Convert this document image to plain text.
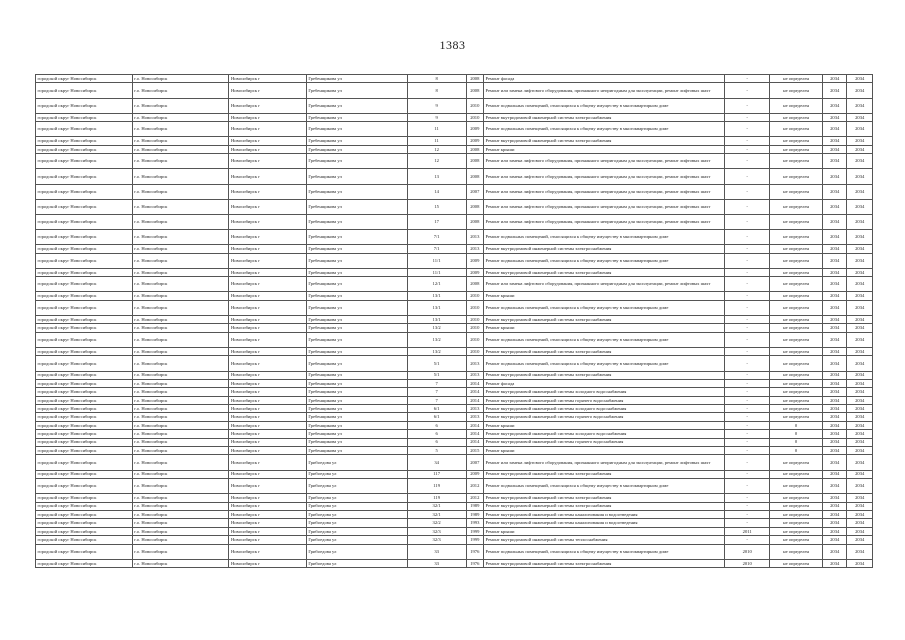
1383
городской округ Новосибирск	г.о. Новосибирск	Новосибирск г	Гребенщикова ул	8	2008	Ремонт фасада	-	не определен	2034	2034
городской округ Новосибирск	г.о. Новосибирск	Новосибирск г	Гребенщикова ул	8	2008	Ремонт или замена лифтового оборудования, признанного непригодным для эксплуатации, ремонт лифтовых шахт	-	не определен	2034	2034
городской округ Новосибирск	г.о. Новосибирск	Новосибирск г	Гребенщикова ул	9	2010	Ремонт подвальных помещений, относящихся к общему имуществу в многоквартирном доме	-	не определен	2034	2034
городской округ Новосибирск	г.о. Новосибирск	Новосибирск г	Гребенщикова ул	9	2010	Ремонт внутридомовой инженерной системы электроснабжения	-	не определен	2034	2034
городской округ Новосибирск	г.о. Новосибирск	Новосибирск г	Гребенщикова ул	11	2009	Ремонт подвальных помещений, относящихся к общему имуществу в многоквартирном доме	-	не определен	2034	2034
городской округ Новосибирск	г.о. Новосибирск	Новосибирск г	Гребенщикова ул	11	2009	Ремонт внутридомовой инженерной системы электроснабжения	-	не определен	2034	2034
городской округ Новосибирск	г.о. Новосибирск	Новосибирск г	Гребенщикова ул	12	2008	Ремонт крыши	-	не определен	2034	2034
городской округ Новосибирск	г.о. Новосибирск	Новосибирск г	Гребенщикова ул	12	2008	Ремонт или замена лифтового оборудования, признанного непригодным для эксплуатации, ремонт лифтовых шахт	-	не определен	2034	2034
городской округ Новосибирск	г.о. Новосибирск	Новосибирск г	Гребенщикова ул	13	2008	Ремонт или замена лифтового оборудования, признанного непригодным для эксплуатации, ремонт лифтовых шахт	-	не определен	2034	2034
городской округ Новосибирск	г.о. Новосибирск	Новосибирск г	Гребенщикова ул	14	2007	Ремонт или замена лифтового оборудования, признанного непригодным для эксплуатации, ремонт лифтовых шахт	-	не определен	2034	2034
городской округ Новосибирск	г.о. Новосибирск	Новосибирск г	Гребенщикова ул	15	2008	Ремонт или замена лифтового оборудования, признанного непригодным для эксплуатации, ремонт лифтовых шахт	-	не определен	2034	2034
городской округ Новосибирск	г.о. Новосибирск	Новосибирск г	Гребенщикова ул	17	2008	Ремонт или замена лифтового оборудования, признанного непригодным для эксплуатации, ремонт лифтовых шахт	-	не определен	2034	2034
городской округ Новосибирск	г.о. Новосибирск	Новосибирск г	Гребенщикова ул	7/1	2013	Ремонт подвальных помещений, относящихся к общему имуществу в многоквартирном доме	-	не определен	2034	2034
городской округ Новосибирск	г.о. Новосибирск	Новосибирск г	Гребенщикова ул	7/1	2013	Ремонт внутридомовой инженерной системы электроснабжения	-	не определен	2034	2034
городской округ Новосибирск	г.о. Новосибирск	Новосибирск г	Гребенщикова ул	11/1	2009	Ремонт подвальных помещений, относящихся к общему имуществу в многоквартирном доме	-	не определен	2034	2034
городской округ Новосибирск	г.о. Новосибирск	Новосибирск г	Гребенщикова ул	11/1	2009	Ремонт внутридомовой инженерной системы электроснабжения	-	не определен	2034	2034
городской округ Новосибирск	г.о. Новосибирск	Новосибирск г	Гребенщикова ул	12/1	2008	Ремонт или замена лифтового оборудования, признанного непригодным для эксплуатации, ремонт лифтовых шахт	-	не определен	2034	2034
городской округ Новосибирск	г.о. Новосибирск	Новосибирск г	Гребенщикова ул	13/1	2010	Ремонт крыши	-	не определен	2034	2034
городской округ Новосибирск	г.о. Новосибирск	Новосибирск г	Гребенщикова ул	13/1	2010	Ремонт подвальных помещений, относящихся к общему имуществу в многоквартирном доме	-	не определен	2034	2034
городской округ Новосибирск	г.о. Новосибирск	Новосибирск г	Гребенщикова ул	13/1	2010	Ремонт внутридомовой инженерной системы электроснабжения	-	не определен	2034	2034
городской округ Новосибирск	г.о. Новосибирск	Новосибирск г	Гребенщикова ул	13/2	2010	Ремонт крыши	-	не определен	2034	2034
городской округ Новосибирск	г.о. Новосибирск	Новосибирск г	Гребенщикова ул	13/2	2010	Ремонт подвальных помещений, относящихся к общему имуществу в многоквартирном доме	-	не определен	2034	2034
городской округ Новосибирск	г.о. Новосибирск	Новосибирск г	Гребенщикова ул	13/2	2010	Ремонт внутридомовой инженерной системы электроснабжения	-	не определен	2034	2034
городской округ Новосибирск	г.о. Новосибирск	Новосибирск г	Гребенщикова ул	5/1	2013	Ремонт подвальных помещений, относящихся к общему имуществу в многоквартирном доме	-	не определен	2034	2034
городской округ Новосибирск	г.о. Новосибирск	Новосибирск г	Гребенщикова ул	5/1	2013	Ремонт внутридомовой инженерной системы электроснабжения	-	не определен	2034	2034
городской округ Новосибирск	г.о. Новосибирск	Новосибирск г	Гребенщикова ул	7	2014	Ремонт фасада	-	не определен	2034	2034
городской округ Новосибирск	г.о. Новосибирск	Новосибирск г	Гребенщикова ул	7	2014	Ремонт внутридомовой инженерной системы холодного водоснабжения	-	не определен	2034	2034
городской округ Новосибирск	г.о. Новосибирск	Новосибирск г	Гребенщикова ул	7	2014	Ремонт внутридомовой инженерной системы горячего водоснабжения	-	не определен	2034	2034
городской округ Новосибирск	г.о. Новосибирск	Новосибирск г	Гребенщикова ул	6/1	2013	Ремонт внутридомовой инженерной системы холодного водоснабжения	-	не определен	2034	2034
городской округ Новосибирск	г.о. Новосибирск	Новосибирск г	Гребенщикова ул	6/1	2013	Ремонт внутридомовой инженерной системы горячего водоснабжения	-	не определен	2034	2034
городской округ Новосибирск	г.о. Новосибирск	Новосибирск г	Гребенщикова ул	6	2014	Ремонт крыши	-	0	2034	2034
городской округ Новосибирск	г.о. Новосибирск	Новосибирск г	Гребенщикова ул	6	2014	Ремонт внутридомовой инженерной системы холодного водоснабжения	-	0	2034	2034
городской округ Новосибирск	г.о. Новосибирск	Новосибирск г	Гребенщикова ул	6	2014	Ремонт внутридомовой инженерной системы горячего водоснабжения	-	0	2034	2034
городской округ Новосибирск	г.о. Новосибирск	Новосибирск г	Гребенщикова ул	5	2015	Ремонт крыши	-	0	2034	2034
городской округ Новосибирск	г.о. Новосибирск	Новосибирск г	Грибоедова ул	34	2007	Ремонт или замена лифтового оборудования, признанного непригодным для эксплуатации, ремонт лифтовых шахт	-	не определен	2034	2034
городской округ Новосибирск	г.о. Новосибирск	Новосибирск г	Грибоедова ул	117	2009	Ремонт внутридомовой инженерной системы электроснабжения	-	не определен	2034	2034
городской округ Новосибирск	г.о. Новосибирск	Новосибирск г	Грибоедова ул	119	2012	Ремонт подвальных помещений, относящихся к общему имуществу в многоквартирном доме	-	не определен	2034	2034
городской округ Новосибирск	г.о. Новосибирск	Новосибирск г	Грибоедова ул	119	2012	Ремонт внутридомовой инженерной системы электроснабжения	-	не определен	2034	2034
городской округ Новосибирск	г.о. Новосибирск	Новосибирск г	Грибоедова ул	32/1	1989	Ремонт внутридомовой инженерной системы электроснабжения	-	не определен	2034	2034
городской округ Новосибирск	г.о. Новосибирск	Новосибирск г	Грибоедова ул	32/1	1989	Ремонт внутридомовой инженерной системы канализования и водоотведения	-	не определен	2034	2034
городской округ Новосибирск	г.о. Новосибирск	Новосибирск г	Грибоедова ул	32/2	1993	Ремонт внутридомовой инженерной системы канализования и водоотведения	-	не определен	2034	2034
городской округ Новосибирск	г.о. Новосибирск	Новосибирск г	Грибоедова ул	32/3	1999	Ремонт крыши	2011	не определен	2034	2034
городской округ Новосибирск	г.о. Новосибирск	Новосибирск г	Грибоедова ул	32/3	1999	Ремонт внутридомовой инженерной системы теплоснабжения	-	не определен	2034	2034
городской округ Новосибирск	г.о. Новосибирск	Новосибирск г	Грибоедова ул	33	1976	Ремонт подвальных помещений, относящихся к общему имуществу в многоквартирном доме	2010	не определен	2034	2034
городской округ Новосибирск	г.о. Новосибирск	Новосибирск г	Грибоедова ул	33	1976	Ремонт внутридомовой инженерной системы электроснабжения	2010	не определен	2034	2034
